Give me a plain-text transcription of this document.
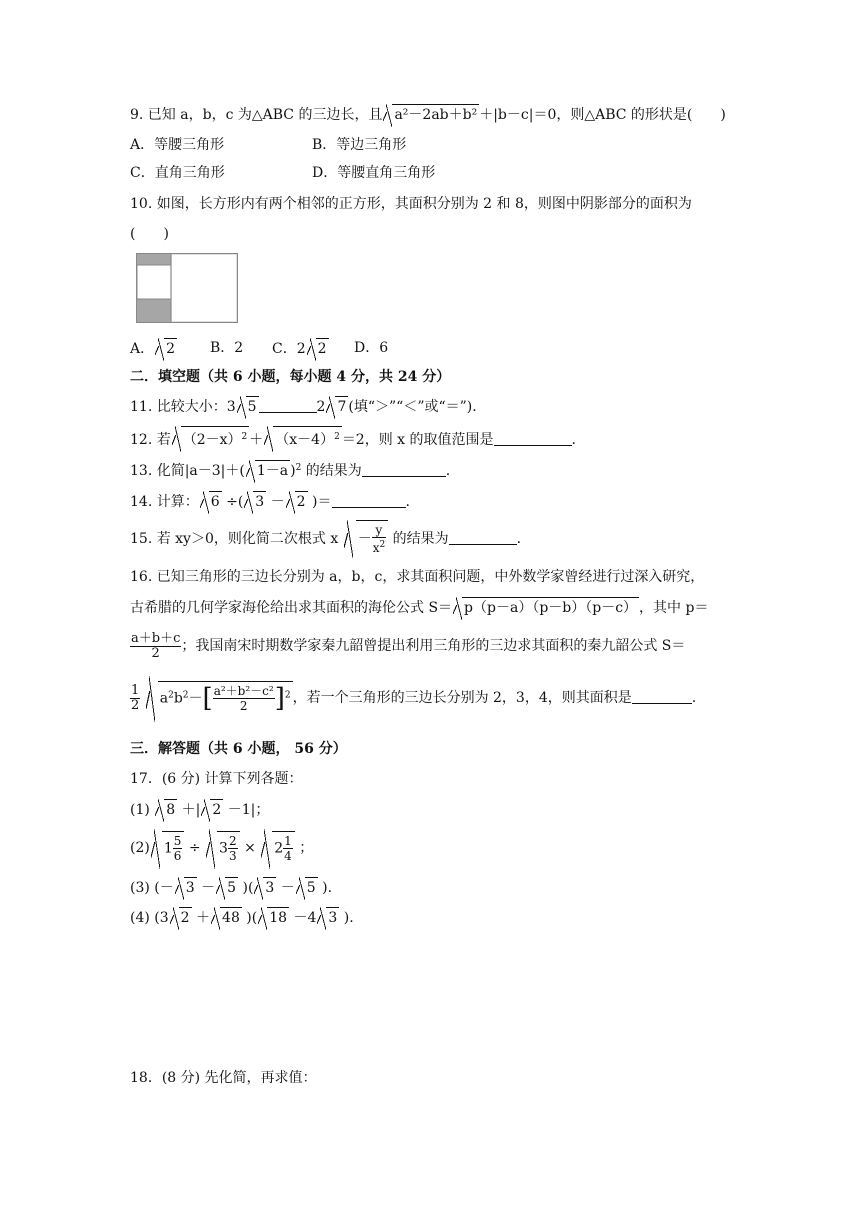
9. 已知 a，b，c 为△ABC 的三边长，且 a²－2ab＋b² ＋|b－c|＝0，则△ABC 的形状是(　　)
A．等腰三角形	B．等边三角形
C．直角三角形	D．等腰直角三角形
10. 如图，长方形内有两个相邻的正方形，其面积分别为 2 和 8，则图中阴影部分的面积为
(　　)
A． 2 B．2 C．2 2 D．6
二．填空题（共 6 小题，每小题 4 分，共 24 分）
11. 比较大小：3 5	2 7 (填“＞”“＜”或“＝”).
12. 若 $(2-x)^2 + (x-4)^2 =2$，则 x 的取值范围是	.
13. 化简|a－3|＋( 1－a )$^2$ 的结果为	.
14. 计算： 6 ÷( 3 － 2 )＝	.
15. 若 xy＞0，则化简二次根式 $x - \frac{y}{x^2}$ 的结果为	.
16. 已知三角形的三边长分别为 a，b，c，求其面积问题，中外数学家曾经进行过深入研究，
古希腊的几何学家海伦给出求其面积的海伦公式 S＝ p（p－a）（p－b）（p－c） ，其中 p＝
$\frac{a+b+c}{2}$ ；我国南宋时期数学家秦九韶曾提出利用三角形的三边求其面积的秦九韶公式 S＝
$\frac{1}{2} a^2b^2-[ \frac{\text{a²＋b²－c²}}{2} ]^2$ ，若一个三角形的三边长分别为 2，3，4，则其面积是	.
三．解答题（共 6 小题， 56 分）
17．(6 分) 计算下列各题：
(1) 8 ＋| 2 －1|；
(2) $1 \frac{5}{6} \div 3 \frac{2}{3} \times 2 \frac{1}{4}$ ；
(3) (－ 3 － 5 )( 3 － 5 ).
(4) (3 2 ＋ 48 )( 18 －4 3 ).
18．(8 分) 先化简，再求值：
